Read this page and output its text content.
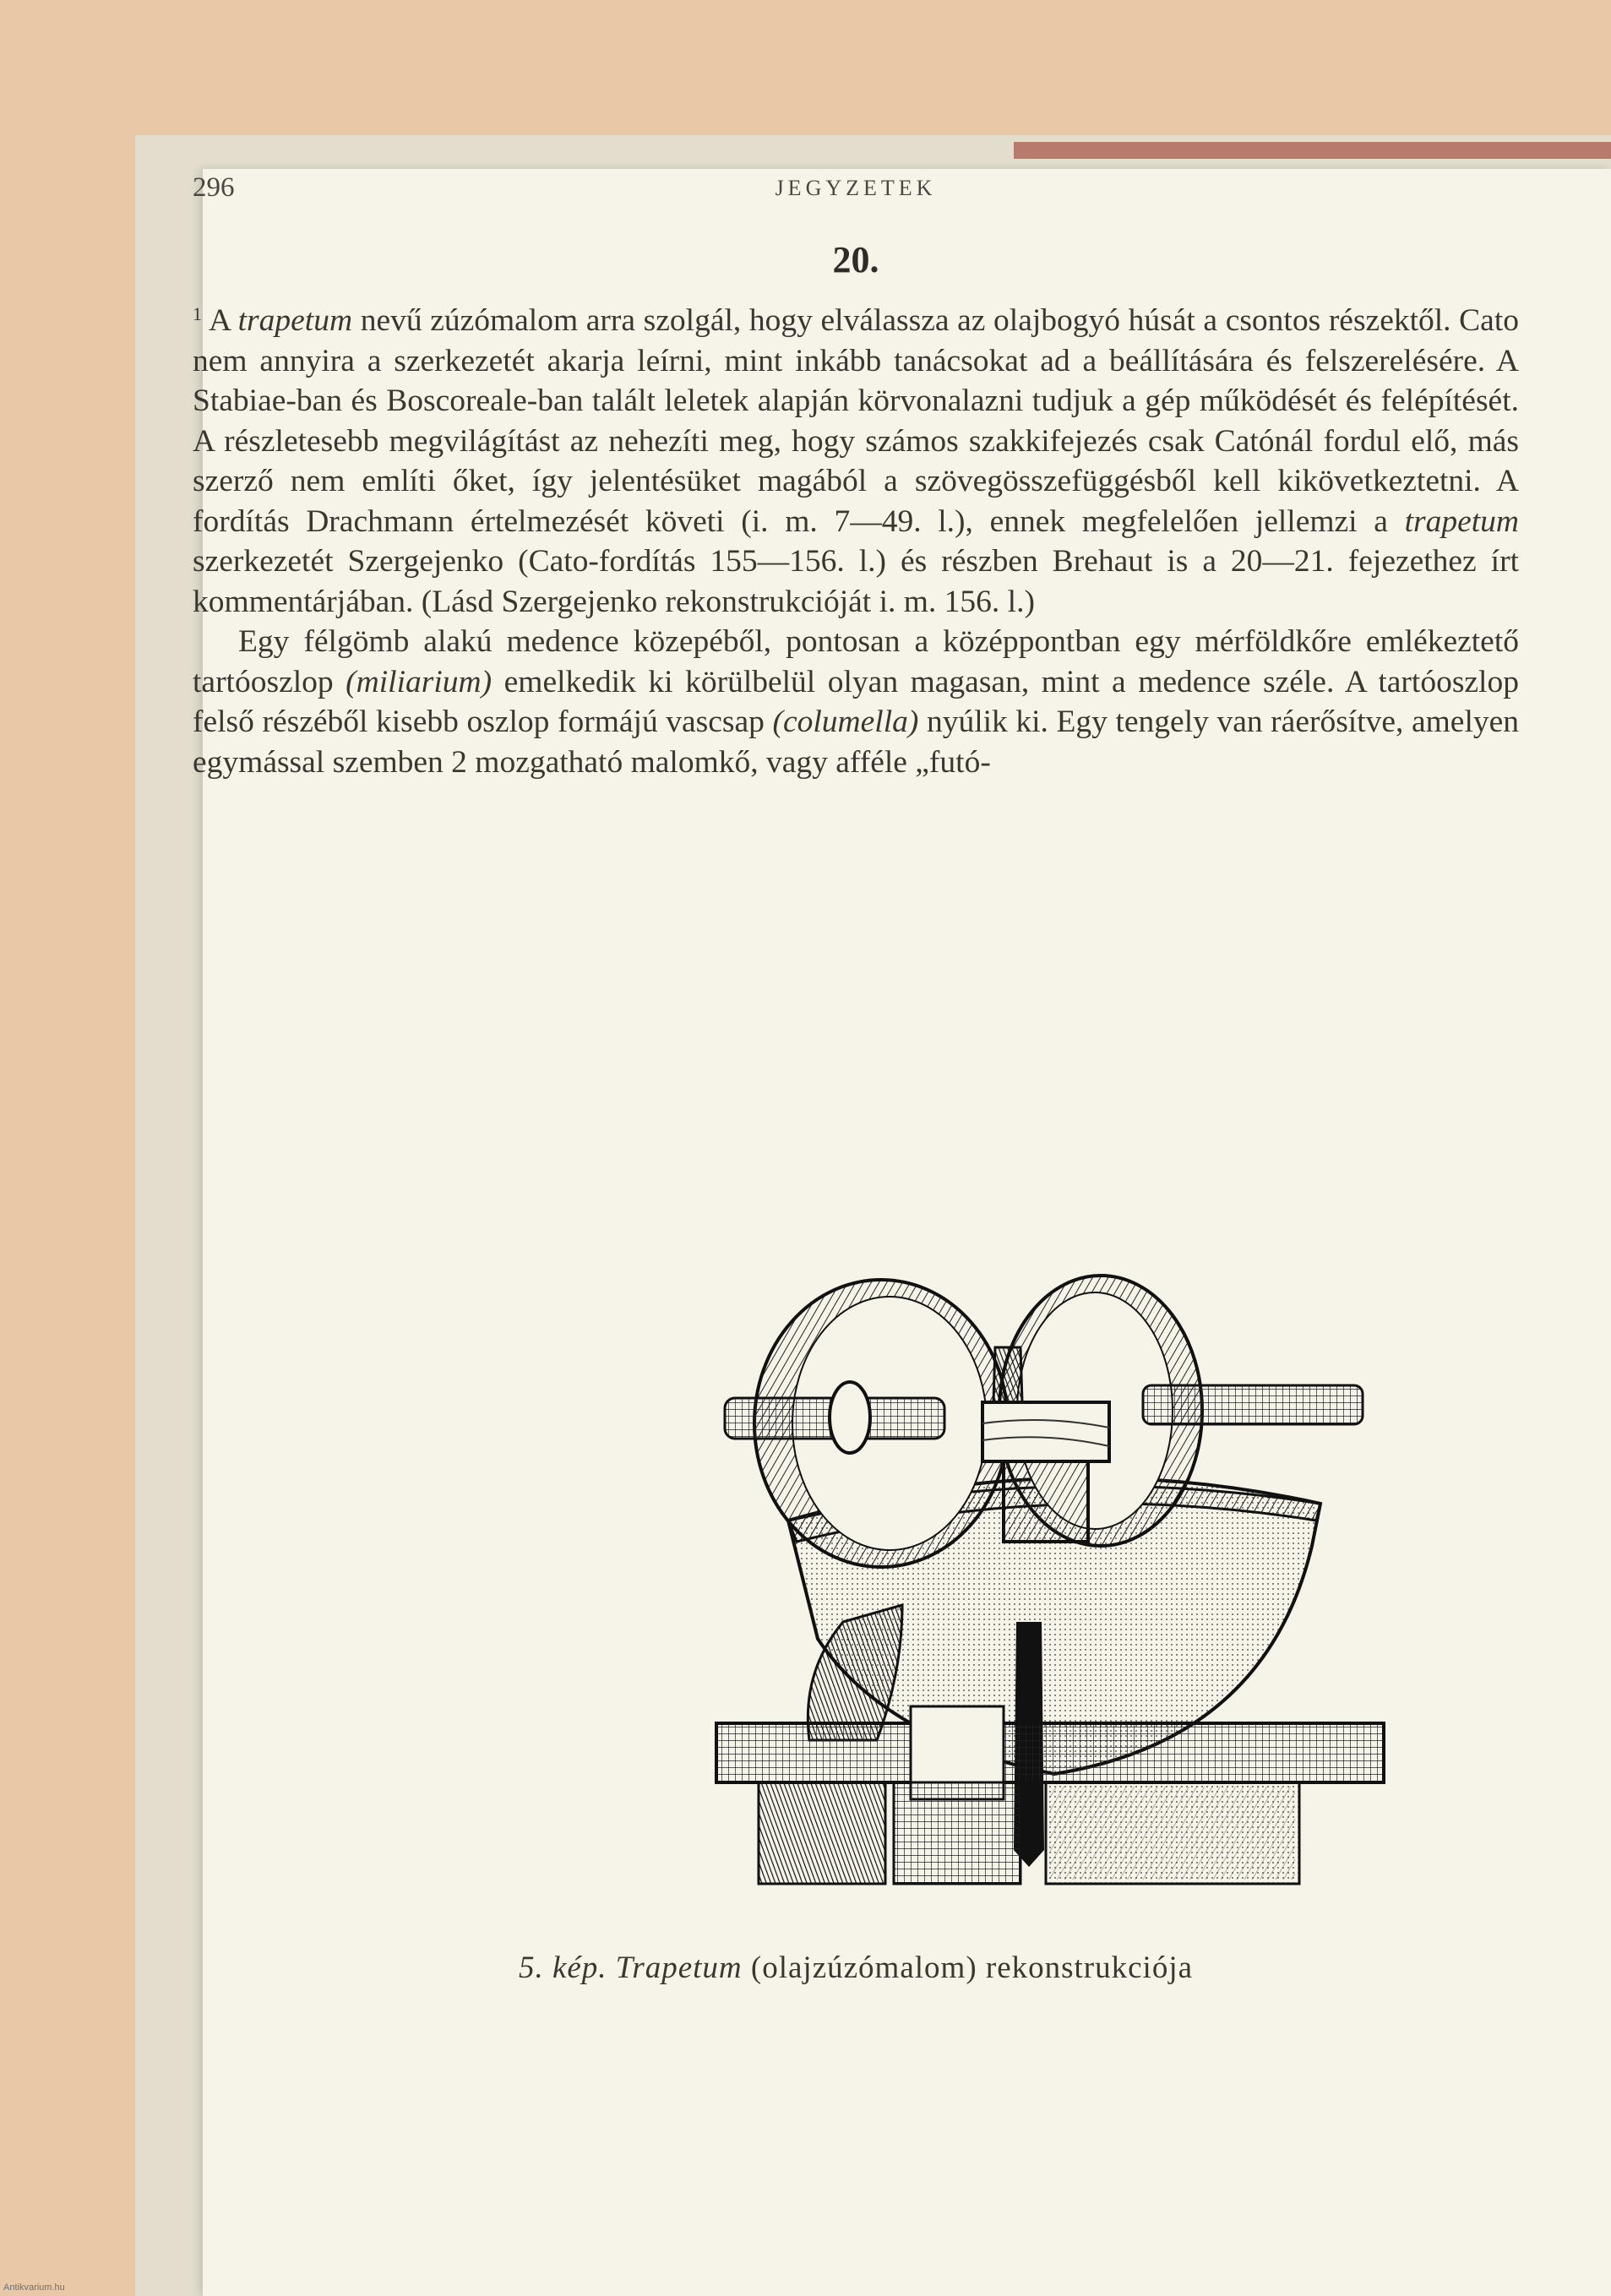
296	JEGYZETEK
20.

$^1$ A trapetum nevű zúzómalom arra szolgál, hogy elválassza az olajbogyó húsát a csontos részektől. Cato nem annyira a szerkezetét akarja leírni, mint inkább tanácsokat ad a beállítására és felszerelésére. A Stabiae-ban és Boscoreale-ban talált leletek alapján körvonalazni tudjuk a gép működését és felépítését. A részletesebb megvilágítást az nehezíti meg, hogy számos szakkifejezés csak Catónál fordul elő, más szerző nem említi őket, így jelentésüket magából a szövegösszefüggésből kell kikövetkeztetni. A fordítás Drachmann értelmezését követi (i. m. 7—49. l.), ennek megfelelően jellemzi a trapetum szerkezetét Szergejenko (Cato-fordítás 155—156. l.) és részben Brehaut is a 20—21. fejezethez írt kommentárjában. (Lásd Szergejenko rekonstrukcióját i. m. 156. l.)

Egy félgömb alakú medence közepéből, pontosan a középpontban egy mérföldkőre emlékeztető tartóoszlop (miliarium) emelkedik ki körülbelül olyan magasan, mint a medence széle. A tartóoszlop felső részéből kisebb oszlop formájú vascsap (columella) nyúlik ki. Egy tengely van ráerősítve, amelyen egymással szemben 2 mozgatható malomkő, vagy afféle „futó-

5. kép. Trapetum (olajzúzómalom) rekonstrukciója
Antikvarium.hu
